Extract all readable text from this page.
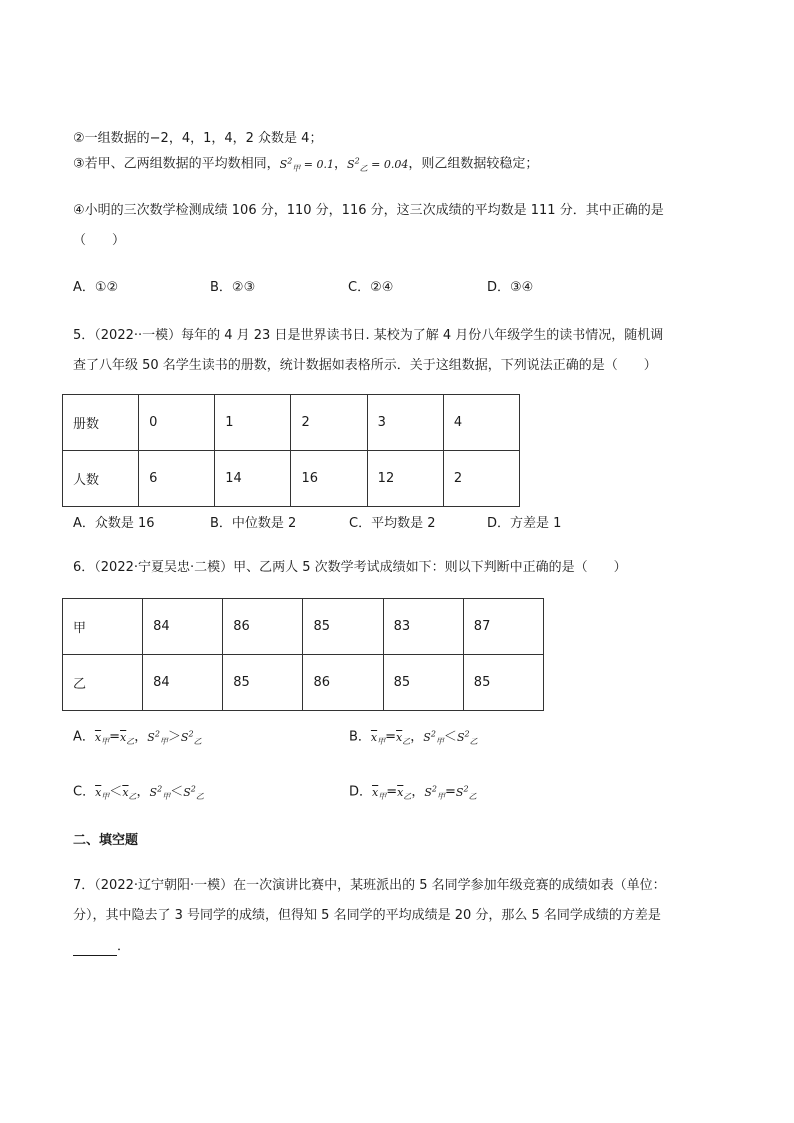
②一组数据的−2，4，1，4，2 众数是 4；
③若甲、乙两组数据的平均数相同，$S^2_甲 = 0.1$，$S^2_乙 = 0.04$，则乙组数据较稳定；
④小明的三次数学检测成绩 106 分，110 分，116 分，这三次成绩的平均数是 111 分．其中正确的是
（　　）
A．①②	B．②③	C．②④	D．③④
5．（2022··一模）每年的 4 月 23 日是世界读书日. 某校为了解 4 月份八年级学生的读书情况，随机调
查了八年级 50 名学生读书的册数，统计数据如表格所示．关于这组数据，下列说法正确的是（　　）
册数	0	1	2	3	4
人数	6	14	16	12	2
A．众数是 16	B．中位数是 2	C．平均数是 2	D．方差是 1
6．（2022·宁夏吴忠·二模）甲、乙两人 5 次数学考试成绩如下：则以下判断中正确的是（　　）
甲	84	86	85	83	87
乙	84	85	86	85	85
A．$\overline{x}_甲=\overline{x}_乙$，$S^2_甲>S^2_乙$	B．$\overline{x}_甲=\overline{x}_乙$，$S^2_甲<S^2_乙$
C．$\overline{x}_甲<\overline{x}_乙$，$S^2_甲<S^2_乙$	D．$\overline{x}_甲=\overline{x}_乙$，$S^2_甲=S^2_乙$
二、填空题
7．（2022·辽宁朝阳·一模）在一次演讲比赛中，某班派出的 5 名同学参加年级竞赛的成绩如表（单位：
分），其中隐去了 3 号同学的成绩，但得知 5 名同学的平均成绩是 20 分，那么 5 名同学成绩的方差是
．
